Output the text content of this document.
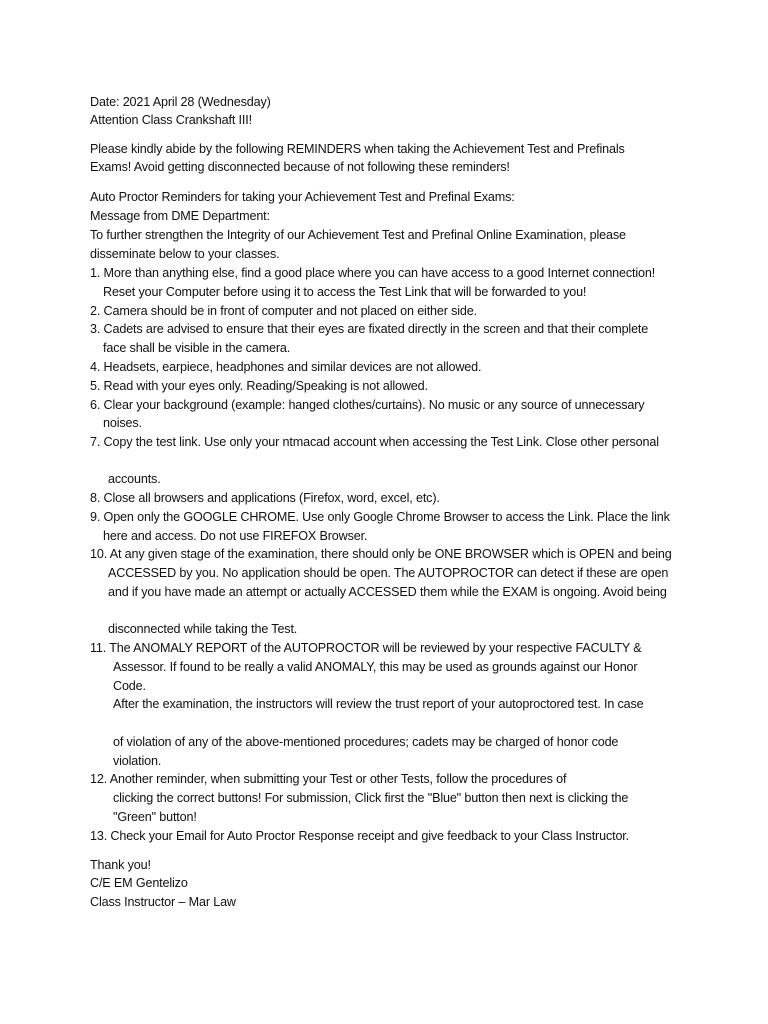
Date: 2021 April 28 (Wednesday)
Attention Class Crankshaft III!
Please kindly abide by the following REMINDERS when taking the Achievement Test and Prefinals
Exams! Avoid getting disconnected because of not following these reminders!
Auto Proctor Reminders for taking your Achievement Test and Prefinal Exams:
Message from DME Department:
To further strengthen the Integrity of our Achievement Test and Prefinal Online Examination, please
disseminate below to your classes.
1. More than anything else, find a good place where you can have access to a good Internet connection!
Reset your Computer before using it to access the Test Link that will be forwarded to you!
2. Camera should be in front of computer and not placed on either side.
3. Cadets are advised to ensure that their eyes are fixated directly in the screen and that their complete
face shall be visible in the camera.
4. Headsets, earpiece, headphones and similar devices are not allowed.
5. Read with your eyes only. Reading/Speaking is not allowed.
6. Clear your background (example: hanged clothes/curtains). No music or any source of unnecessary
noises.
7. Copy the test link. Use only your ntmacad account when accessing the Test Link. Close other personal
accounts.
8. Close all browsers and applications (Firefox, word, excel, etc).
9. Open only the GOOGLE CHROME. Use only Google Chrome Browser to access the Link. Place the link
here and access. Do not use FIREFOX Browser.
10. At any given stage of the examination, there should only be ONE BROWSER which is OPEN and being
ACCESSED by you. No application should be open. The AUTOPROCTOR can detect if these are open
and if you have made an attempt or actually ACCESSED them while the EXAM is ongoing. Avoid being
disconnected while taking the Test.
11. The ANOMALY REPORT of the AUTOPROCTOR will be reviewed by your respective FACULTY &
Assessor. If found to be really a valid ANOMALY, this may be used as grounds against our Honor
Code.
After the examination, the instructors will review the trust report of your autoproctored test. In case
of violation of any of the above-mentioned procedures; cadets may be charged of honor code
violation.
12. Another reminder, when submitting your Test or other Tests, follow the procedures of
clicking the correct buttons! For submission, Click first the "Blue" button then next is clicking the
"Green" button!
13. Check your Email for Auto Proctor Response receipt and give feedback to your Class Instructor.
Thank you!
C/E EM Gentelizo
Class Instructor – Mar Law
